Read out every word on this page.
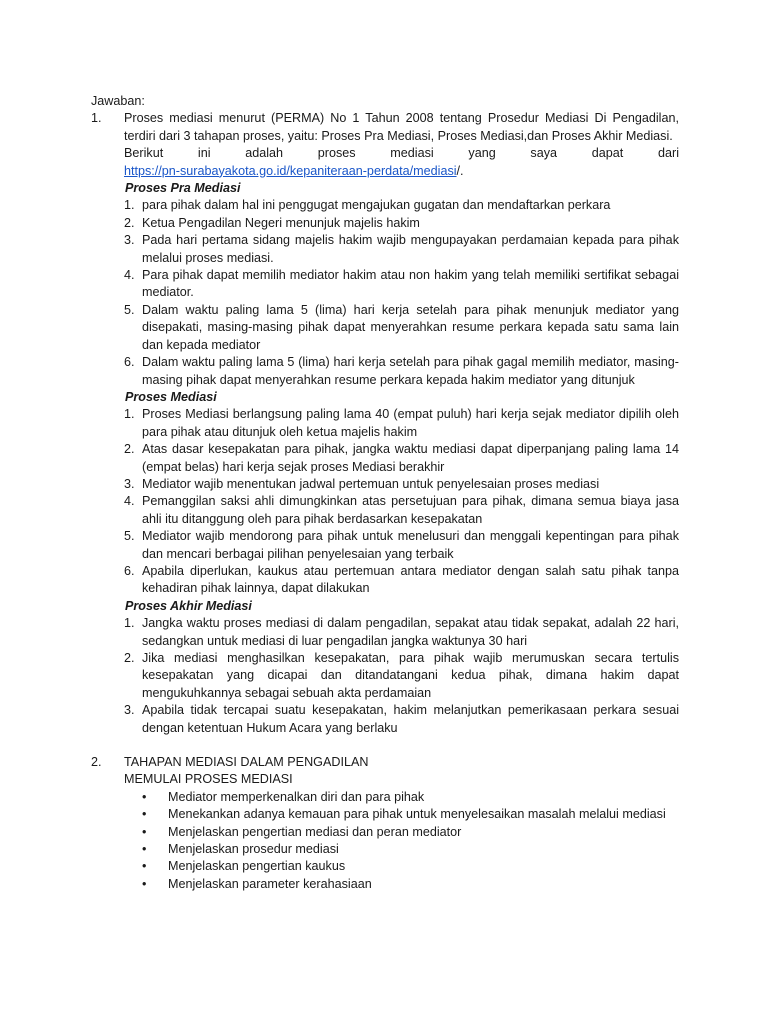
Jawaban:
1.	Proses mediasi menurut (PERMA) No 1 Tahun 2008 tentang Prosedur Mediasi Di Pengadilan, terdiri dari 3 tahapan proses, yaitu: Proses Pra Mediasi, Proses Mediasi,dan Proses Akhir Mediasi.
Berikut ini adalah proses mediasi yang saya dapat dari
https://pn-surabayakota.go.id/kepaniteraan-perdata/mediasi/.
Proses Pra Mediasi
1. para pihak dalam hal ini penggugat mengajukan gugatan dan mendaftarkan perkara
2. Ketua Pengadilan Negeri menunjuk majelis hakim
3. Pada hari pertama sidang majelis hakim wajib mengupayakan perdamaian kepada para pihak melalui proses mediasi.
4. Para pihak dapat memilih mediator hakim atau non hakim yang telah memiliki sertifikat sebagai mediator.
5. Dalam waktu paling lama 5 (lima) hari kerja setelah para pihak menunjuk mediator yang disepakati, masing-masing pihak dapat menyerahkan resume perkara kepada satu sama lain dan kepada mediator
6. Dalam waktu paling lama 5 (lima) hari kerja setelah para pihak gagal memilih mediator, masing-masing pihak dapat menyerahkan resume perkara kepada hakim mediator yang ditunjuk
Proses Mediasi
1. Proses Mediasi berlangsung paling lama 40 (empat puluh) hari kerja sejak mediator dipilih oleh para pihak atau ditunjuk oleh ketua majelis hakim
2. Atas dasar kesepakatan para pihak, jangka waktu mediasi dapat diperpanjang paling lama 14 (empat belas) hari kerja sejak proses Mediasi berakhir
3. Mediator wajib menentukan jadwal pertemuan untuk penyelesaian proses mediasi
4. Pemanggilan saksi ahli dimungkinkan atas persetujuan para pihak, dimana semua biaya jasa ahli itu ditanggung oleh para pihak berdasarkan kesepakatan
5. Mediator wajib mendorong para pihak untuk menelusuri dan menggali kepentingan para pihak dan mencari berbagai pilihan penyelesaian yang terbaik
6. Apabila diperlukan, kaukus atau pertemuan antara mediator dengan salah satu pihak tanpa kehadiran pihak lainnya, dapat dilakukan
Proses Akhir Mediasi
1. Jangka waktu proses mediasi di dalam pengadilan, sepakat atau tidak sepakat, adalah 22 hari, sedangkan untuk mediasi di luar pengadilan jangka waktunya 30 hari
2. Jika mediasi menghasilkan kesepakatan, para pihak wajib merumuskan secara tertulis kesepakatan yang dicapai dan ditandatangani kedua pihak, dimana hakim dapat mengukuhkannya sebagai sebuah akta perdamaian
3. Apabila tidak tercapai suatu kesepakatan, hakim melanjutkan pemerikasaan perkara sesuai dengan ketentuan Hukum Acara yang berlaku
2.	TAHAPAN MEDIASI DALAM PENGADILAN
MEMULAI PROSES MEDIASI
•	Mediator memperkenalkan diri dan para pihak
•	Menekankan adanya kemauan para pihak untuk menyelesaikan masalah melalui mediasi
•	Menjelaskan pengertian mediasi dan peran mediator
•	Menjelaskan prosedur mediasi
•	Menjelaskan pengertian kaukus
•	Menjelaskan parameter kerahasiaan
